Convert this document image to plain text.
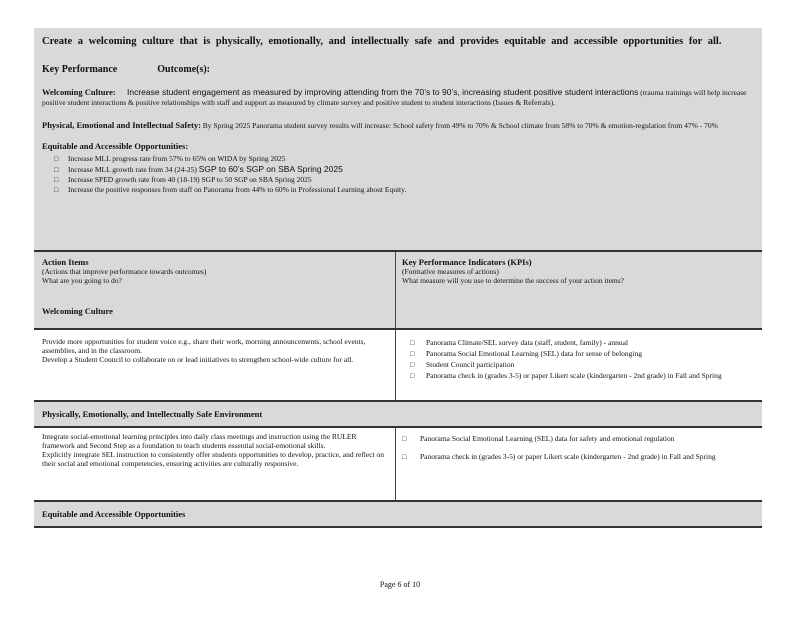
Create a welcoming culture that is physically, emotionally, and intellectually safe and provides equitable and accessible opportunities for all.
Key Performance	Outcome(s):
Welcoming Culture: Increase student engagement as measured by improving attending from the 70’s to 90’s, increasing student positive student interactions (trauma trainings will help increase positive student interactions & positive relationships with staff and support as measured by climate survey and positive student to student interactions (Issues & Referrals).
Physical, Emotional and Intellectual Safety: By Spring 2025 Panorama student survey results will increase: School safety from 49% to 70% & School climate from 58% to 70% & emotion-regulation from 47% - 70%
Equitable and Accessible Opportunities:
□ Increase MLL progress rate from 57% to 65% on WIDA by Spring 2025
□ Increase MLL growth rate from 34 (24-25) SGP to 60’s SGP on SBA Spring 2025
□ Increase SPED growth rate from 40 (18-19) SGP to 50 SGP on SBA Spring 2025
□ Increase the positive responses from staff on Panorama from 44% to 60% in Professional Learning about Equity.
Action Items
(Actions that improve performance towards outcomes)
What are you going to do?
Welcoming Culture
Key Performance Indicators (KPIs)
(Formative measures of actions)
What measure will you use to determine the success of your action items?
Provide more opportunities for student voice e.g., share their work, morning announcements, school events, assemblies, and in the classroom.
Develop a Student Council to collaborate on or lead initiatives to strengthen school-wide culture for all.
□ Panorama Climate/SEL survey data (staff, student, family) - annual
□ Panorama Social Emotional Learning (SEL) data for sense of belonging
□ Student Council participation
□ Panorama check in (grades 3-5) or paper Likert scale (kindergarten - 2nd grade) in Fall and Spring
Physically, Emotionally, and Intellectually Safe Environment
Integrate social-emotional learning principles into daily class meetings and instruction using the RULER framework and Second Step as a foundation to teach students essential social-emotional skills.
Explicitly integrate SEL instruction to consistently offer students opportunities to develop, practice, and reflect on their social and emotional competencies, ensuring activities are culturally responsive.
□ Panorama Social Emotional Learning (SEL) data for safety and emotional regulation
□ Panorama check in (grades 3-5) or paper Likert scale (kindergarten - 2nd grade) in Fall and Spring
Equitable and Accessible Opportunities
Page 6 of 10
